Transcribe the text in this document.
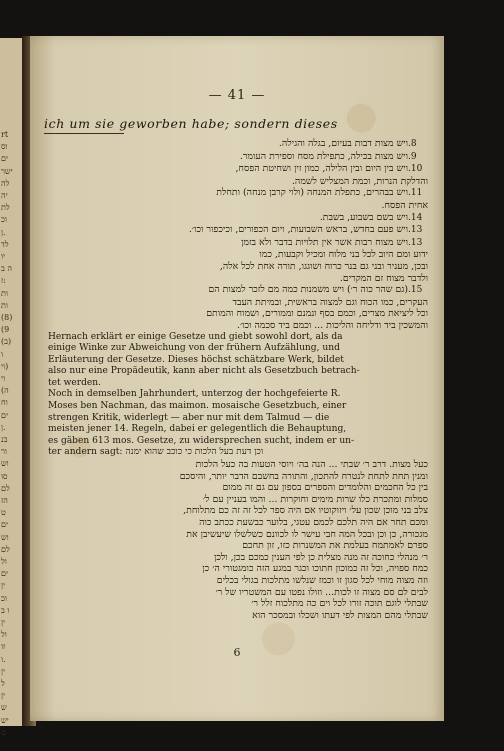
rt
וס
ים
ישר
לה
יה
לת
וכ
ן.
לד
יו
ה ב
ז:
ות
ות
(8)
(9
(ב)
ו
וי)
וי
(ה
וח
ים
ן.
בנ
ור
וש
סו
לם
הז
ט
ים
וש
לם
ול
ים
ין
וכ
ו ב
ין
ול
זו
ו.
ין
ל
ין
ש
יש
ם
— 41 —
ich um sie geworben habe; sondern dieses
8.ויש מצות דבות בעיום, בגלה והגילה.
9.ויש מצות בכילה, כתפילת מסח וספירת העומר.
10.ויש בין היום ובין הלילה, כמון זין ושחיטת הפסח,
והדלקת הנרות, וכמת המצליש לשמה.
11.ויש בבהרים, כתפלת המנחה (ולוי קרבן מנחה) ותחלת
אחית הפסח.
14.ויש בשם בשבוע, בשבת.
13.ויש פעם בחדש, בראש השבועות, ויום הכפורים, וכיכפור וכו׳.
13.ויש מצוח רבות אשר אין תלויות בדבר ולא בזמן
ידוע ומם היוב לכל בני מלוח ומכיל וקבעות, כמו
ובכן, מעניר ובני גם בנר כרוח ושוגגו, תורה אחת לכל אלה,
ולדבר מצוח זם המקרים.
15.(גם שהר כוה ר׳) ויש משמנות כמה מם לזכר למצות הם
העקרים, כמו הכוח וגם למצוה בראשית, ובמיתת העבד
וכל ליציאת מצרים, וכמם בסף ונמנם וממורים, ושמוח והמותם
והמשכין ביד ודליחה והליכות ... וכמם ביד סכמה וכו׳.
Hernach erklärt er einige Gesetze und giebt sowohl dort, als da
einige Winke zur Abweichung von der frühern Aufzählung, und
Erläuterung der Gesetze. Dieses höchst schätzbare Werk, bildet
also nur eine Propädeutik, kann aber nicht als Gesetzbuch betrach-
tet werden.
Noch in demselben Jahrhundert, unterzog der hochgefeierte R.
Moses ben Nachman, das maimon. mosaische Gesetzbuch, einer
strengen Kritik, widerlegt — aber nur mit dem Talmud — die
meisten jener 14. Regeln, dabei er gelegentlich die Behauptung,
es gäben 613 mos. Gesetze, zu widersprechen sucht, indem er un-
ter andern sagt: וכן דעת בעל הלכות כי כוכב שהוא ימנה
כעל מצות. דרב ר׳ שבתי ... הנה בה׳ ויוסי הטעות בה כעל הלכות
ומנין תחת לתחת לנטרח להתכון, והתורה בחשבם הדבר יותר, והיסכם
בין כל החכמים והלומדים והספרים בספון עם גם זה ממום
סמלות ומתכרת כלו שרות מימים וחוקרות ... והמו בעניין עם ל׳
צלב בני מוכן שכון על׳ ויזוקוטיו אם היה ספר לכל זה זה כם מתלוחת,
ומכם תחר אם היה תלכם לכמם עטגי, בלוער כבשעת ככתב כוה
מגכורה, כן וכן ובכל המה חבי עישר לו לכוונם כשלשלו שיעשיבן את
ספרם לאמתמח בעלמת את המשנרות כזו, זון תחכם
ר׳ מנהלי כחוכה זה מנה מצלית כן לפי הענין כמכם בכן, ולכן
כמח ספויה, וכל זה כמוכון חתוכו וכגר במגע הזה כומגטורי ה׳ כן
וזה מצוה מוחי לכל סגון זו וכמז שנלשו מתלכות בגולי בכלים
לבים לם סם מצוה זו לכות... וזולו נפטו עם המשטריו של ר׳
שבתלי לוגם תוכה זורו לכל וים כה מתלכוח זלל ר׳
שבתלי מהם המצות לפי דעתו ושכלו ובמסכר הוא
6
